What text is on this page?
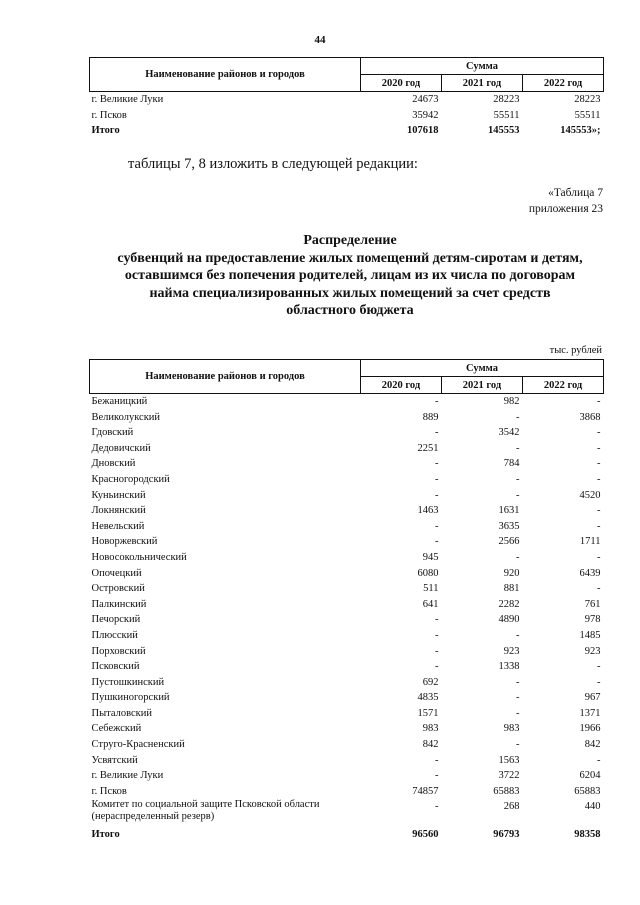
44
Наименование районов и городов	Сумма		
	2020 год	2021 год	2022 год
г. Великие Луки	24673	28223	28223
г. Псков	35942	55511	55511
Итого	107618	145553	145553»;
таблицы 7, 8 изложить в следующей редакции:
«Таблица 7
приложения 23
Распределение
субвенций на предоставление жилых помещений детям-сиротам и детям,
оставшимся без попечения родителей, лицам из их числа по договорам
найма специализированных жилых помещений за счет средств
областного бюджета
тыс. рублей
Наименование районов и городов	Сумма		
	2020 год	2021 год	2022 год
Бежаницкий	-	982	-
Великолукский	889	-	3868
Гдовский	-	3542	-
Дедовичский	2251	-	-
Дновский	-	784	-
Красногородский	-	-	-
Куньинский	-	-	4520
Локнянский	1463	1631	-
Невельский	-	3635	-
Новоржевский	-	2566	1711
Новосокольнический	945	-	-
Опочецкий	6080	920	6439
Островский	511	881	-
Палкинский	641	2282	761
Печорский	-	4890	978
Плюсский	-	-	1485
Порховский	-	923	923
Псковский	-	1338	-
Пустошкинский	692	-	-
Пушкиногорский	4835	-	967
Пыталовский	1571	-	1371
Себежский	983	983	1966
Струго-Красненский	842	-	842
Усвятский	-	1563	-
г. Великие Луки	-	3722	6204
г. Псков	74857	65883	65883
Комитет по социальной защите Псковской области (нераспределенный резерв)	-	268	440
Итого	96560	96793	98358
